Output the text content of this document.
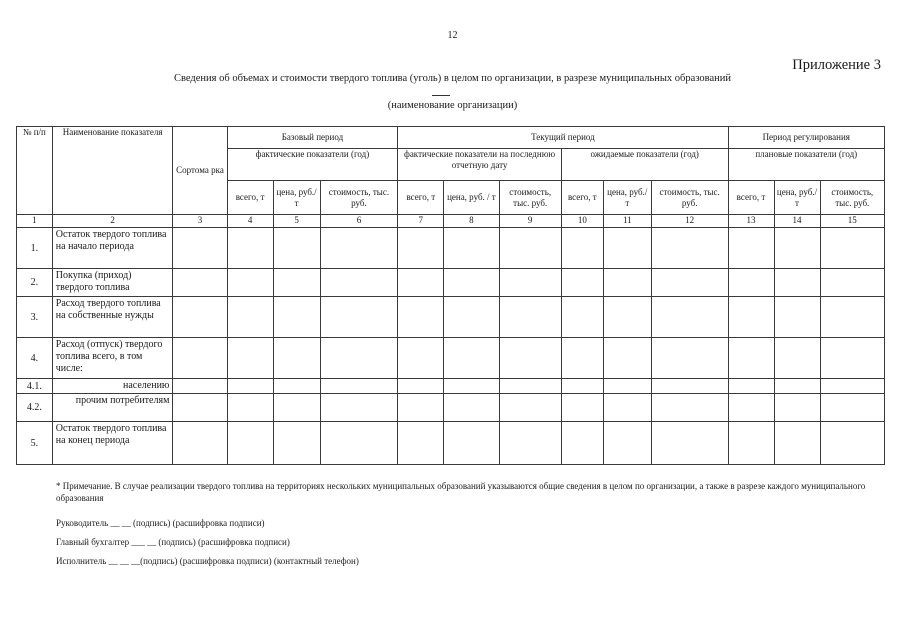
12
Приложение 3
Сведения об объемах и стоимости твердого топлива (уголь) в целом по организации, в разрезе муниципальных образований
(наименование организации)
№ п/п	Наименование показателя	Сортома рка	Базовый период			Текущий период						Период регулирования		
			фактические показатели (год)			фактические показатели на последнюю отчетную дату			ожидаемые показатели (год)			плановые показатели (год)		
			всего, т	цена, руб./т	стоимость, тыс. руб.	всего, т	цена, руб. / т	стоимость, тыс. руб.	всего, т	цена, руб./т	стоимость, тыс. руб.	всего, т	цена, руб./т	стоимость, тыс. руб.
1	2	3	4	5	6	7	8	9	10	11	12	13	14	15
1.	Остаток твердого топлива на начало периода													
2.	Покупка (приход) твердого топлива													
3.	Расход твердого топлива на собственные нужды													
4.	Расход (отпуск) твердого топлива всего, в том числе:													
4.1.	населению													
4.2.	прочим потребителям													
5.	Остаток твердого топлива на конец периода													
* Примечание. В случае реализации твердого топлива на территориях нескольких муниципальных образований указываются общие сведения в целом по организации, а также в разрезе каждого муниципального образования
Руководитель __ __ (подпись) (расшифровка подписи)
Главный бухгалтер ___ __ (подпись) (расшифровка подписи)
Исполнитель __ __ __(подпись) (расшифровка подписи) (контактный телефон)
